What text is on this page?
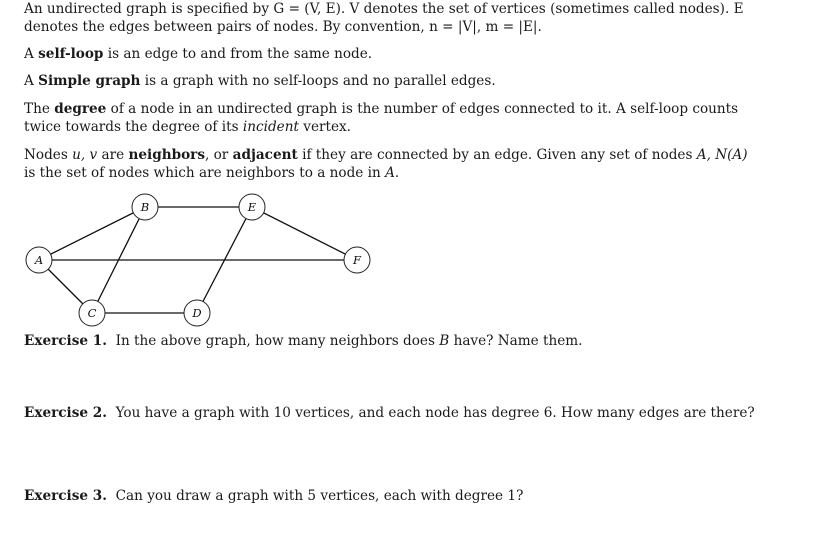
An undirected graph is specified by G = (V, E). V denotes the set of vertices (sometimes called nodes). E
denotes the edges between pairs of nodes. By convention, n = |V|, m = |E|.

A self-loop is an edge to and from the same node.

A Simple graph is a graph with no self-loops and no parallel edges.

The degree of a node in an undirected graph is the number of edges connected to it. A self-loop counts
twice towards the degree of its incident vertex.

Nodes u, v are neighbors, or adjacent if they are connected by an edge. Given any set of nodes A, N(A)
is the set of nodes which are neighbors to a node in A.

Exercise 1. In the above graph, how many neighbors does B have? Name them.

Exercise 2. You have a graph with 10 vertices, and each node has degree 6. How many edges are there?

Exercise 3. Can you draw a graph with 5 vertices, each with degree 1?

A
B
C	D
E
F
